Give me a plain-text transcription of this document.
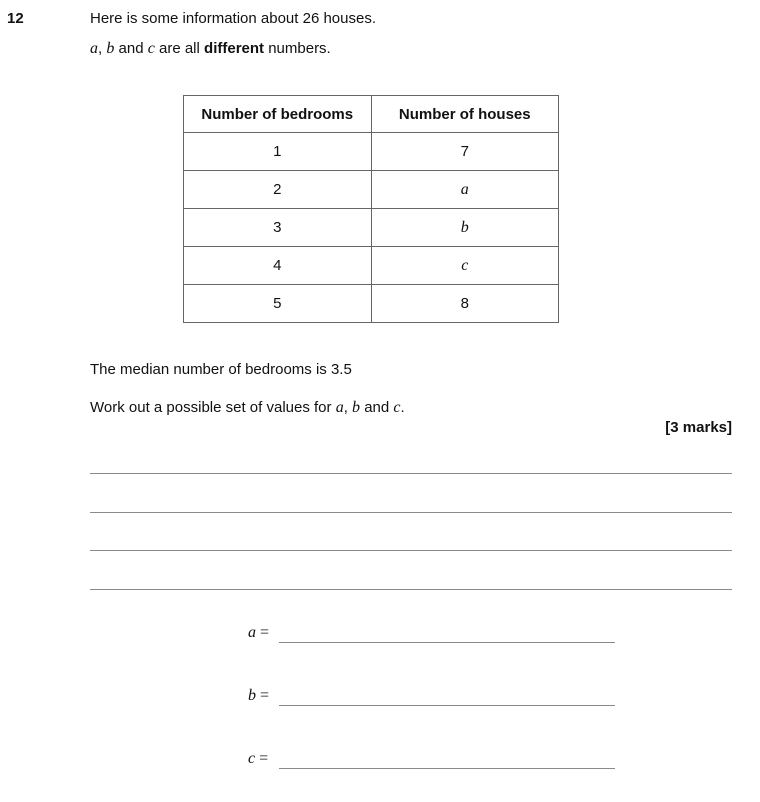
12	Here is some information about 26 houses.
a, b and c are all different numbers.
Number of bedrooms	Number of houses
1	7
2	a
3	b
4	c
5	8
The median number of bedrooms is 3.5
Work out a possible set of values for a, b and c.
[3 marks]
a =
b =
c =
